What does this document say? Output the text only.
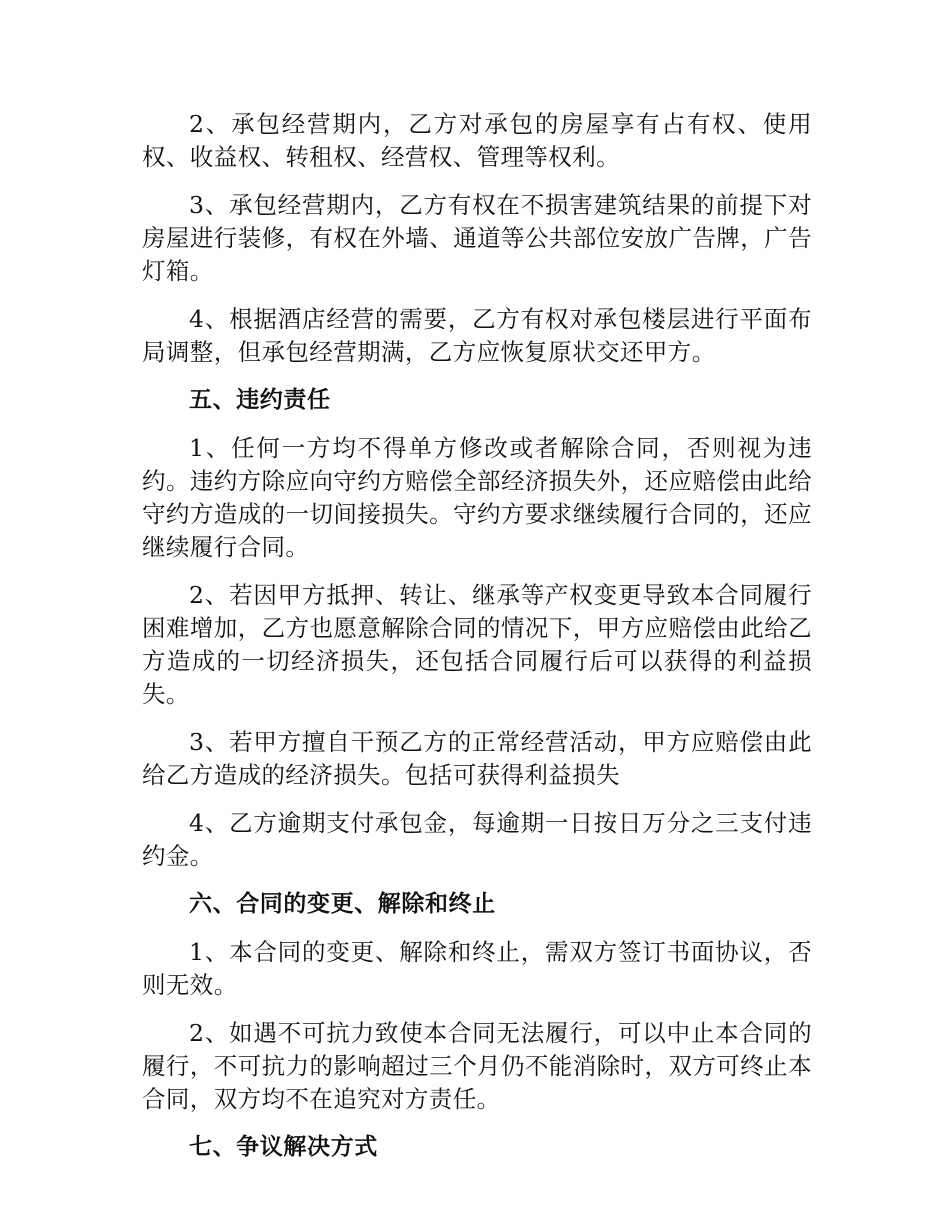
2、承包经营期内，乙方对承包的房屋享有占有权、使用权、收益权、转租权、经营权、管理等权利。

3、承包经营期内，乙方有权在不损害建筑结果的前提下对房屋进行装修，有权在外墙、通道等公共部位安放广告牌，广告灯箱。

4、根据酒店经营的需要，乙方有权对承包楼层进行平面布局调整，但承包经营期满，乙方应恢复原状交还甲方。

五、违约责任

1、任何一方均不得单方修改或者解除合同，否则视为违约。违约方除应向守约方赔偿全部经济损失外，还应赔偿由此给守约方造成的一切间接损失。守约方要求继续履行合同的，还应继续履行合同。

2、若因甲方抵押、转让、继承等产权变更导致本合同履行困难增加，乙方也愿意解除合同的情况下，甲方应赔偿由此给乙方造成的一切经济损失，还包括合同履行后可以获得的利益损失。

3、若甲方擅自干预乙方的正常经营活动，甲方应赔偿由此给乙方造成的经济损失。包括可获得利益损失

4、乙方逾期支付承包金，每逾期一日按日万分之三支付违约金。

六、合同的变更、解除和终止

1、本合同的变更、解除和终止，需双方签订书面协议，否则无效。

2、如遇不可抗力致使本合同无法履行，可以中止本合同的履行，不可抗力的影响超过三个月仍不能消除时，双方可终止本合同，双方均不在追究对方责任。

七、争议解决方式
